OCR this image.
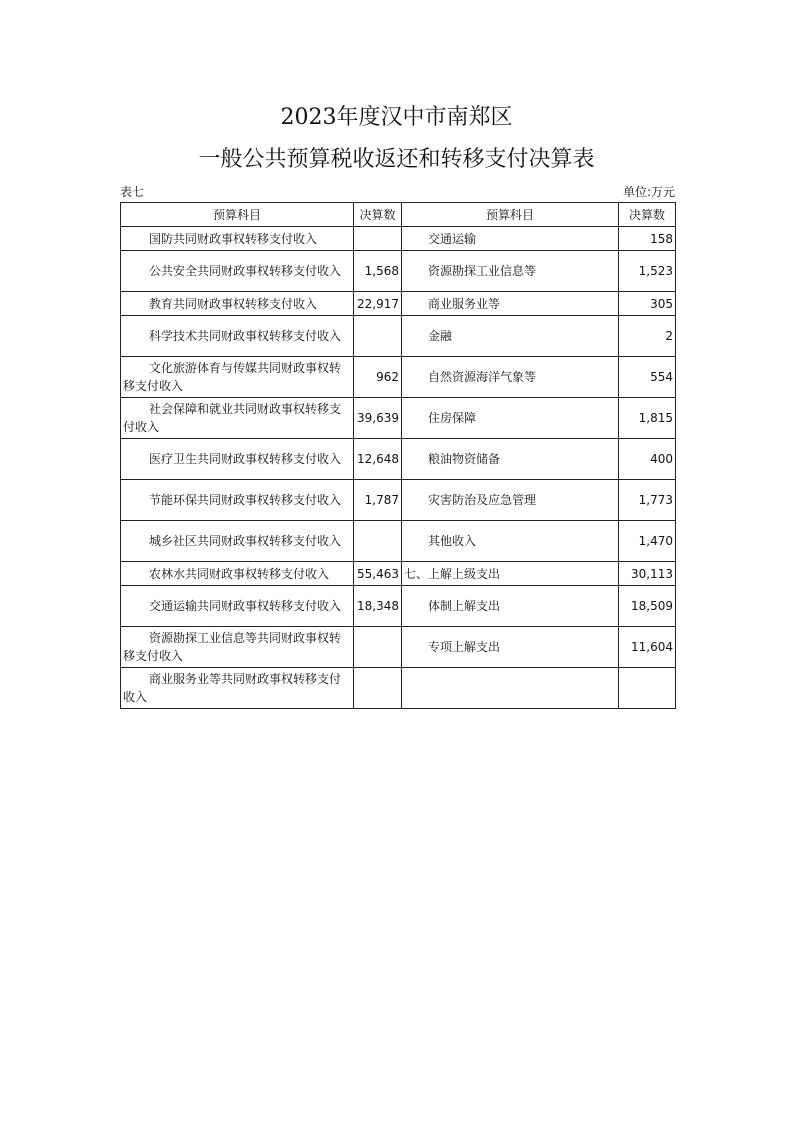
2023年度汉中市南郑区
一般公共预算税收返还和转移支付决算表
表七	单位:万元
预算科目	决算数	预算科目	决算数

国防共同财政事权转移支付收入		交通运输	158

公共安全共同财政事权转移支付收入	1,568	资源勘探工业信息等	1,523

教育共同财政事权转移支付收入	22,917	商业服务业等	305

科学技术共同财政事权转移支付收入		金融	2

文化旅游体育与传媒共同财政事权转移支付收入	962	自然资源海洋气象等	554

社会保障和就业共同财政事权转移支付收入	39,639	住房保障	1,815

医疗卫生共同财政事权转移支付收入	12,648	粮油物资储备	400

节能环保共同财政事权转移支付收入	1,787	灾害防治及应急管理	1,773

城乡社区共同财政事权转移支付收入		其他收入	1,470

农林水共同财政事权转移支付收入	55,463	七、上解上级支出	30,113

交通运输共同财政事权转移支付收入	18,348	体制上解支出	18,509

资源勘探工业信息等共同财政事权转移支付收入		专项上解支出	11,604

商业服务业等共同财政事权转移支付收入			
